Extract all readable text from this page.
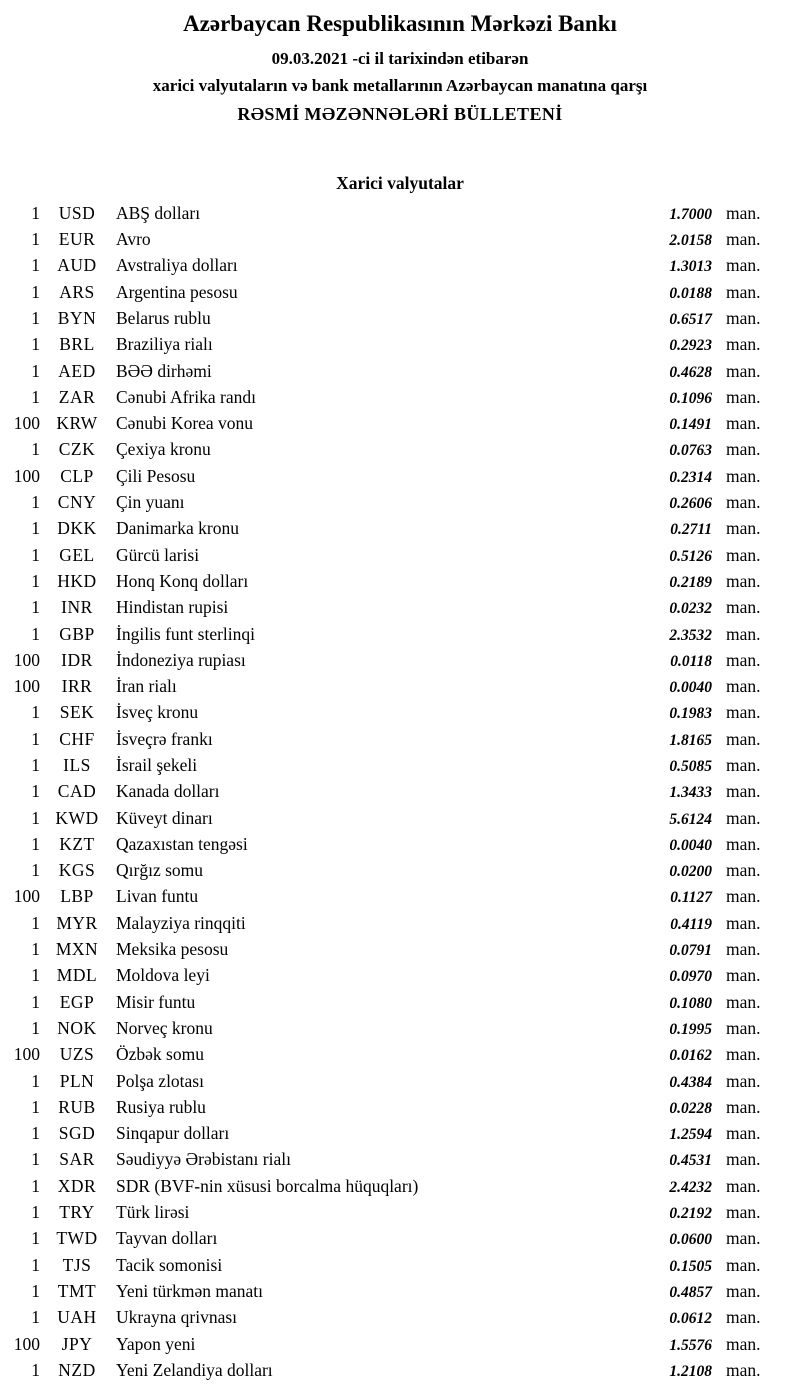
Azərbaycan Respublikasının Mərkəzi Bankı
09.03.2021 -ci il tarixindən etibarən
xarici valyutaların və bank metallarının Azərbaycan manatına qarşı
RƏSMİ MƏZƏNNƏLƏRİ BÜLLETENİ
Xarici valyutalar
1	USD	ABŞ dolları	1.7000 man.
1	EUR	Avro	2.0158 man.
1 AUD	Avstraliya dolları	1.3013 man.
1	ARS	Argentina pesosu	0.0188 man.
1	BYN	Belarus rublu	0.6517 man.
1	BRL	Braziliya rialı	0.2923 man.
1	AED	BƏƏ dirhəmi	0.4628 man.
1	ZAR	Cənubi Afrika randı	0.1096 man.
100 KRW	Cənubi Korea vonu	0.1491 man.
1	CZK	Çexiya kronu	0.0763 man.
100	CLP	Çili Pesosu	0.2314 man.
1	CNY	Çin yuanı	0.2606 man.
1 DKK	Danimarka kronu	0.2711 man.
1	GEL	Gürcü larisi	0.5126 man.
1 HKD	Honq Konq dolları	0.2189 man.
1	INR	Hindistan rupisi	0.0232 man.
1	GBP	İngilis funt sterlinqi	2.3532 man.
100	IDR	İndoneziya rupiası	0.0118 man.
100	IRR	İran rialı	0.0040 man.
1	SEK	İsveç kronu	0.1983 man.
1	CHF	İsveçrə frankı	1.8165 man.
1	ILS	İsrail şekeli	0.5085 man.
1	CAD	Kanada dolları	1.3433 man.
1 KWD Küveyt dinarı	5.6124 man.
1	KZT	Qazaxıstan tengəsi	0.0040 man.
1	KGS	Qırğız somu	0.0200 man.
100	LBP	Livan funtu	0.1127 man.
1 MYR	Malayziya rinqqiti	0.4119 man.
1 MXN	Meksika pesosu	0.0791 man.
1 MDL	Moldova leyi	0.0970 man.
1	EGP	Misir funtu	0.1080 man.
1 NOK	Norveç kronu	0.1995 man.
100	UZS	Özbək somu	0.0162 man.
1	PLN	Polşa zlotası	0.4384 man.
1	RUB	Rusiya rublu	0.0228 man.
1	SGD	Sinqapur dolları	1.2594 man.
1	SAR	Səudiyyə Ərəbistanı rialı	0.4531 man.
1	XDR	SDR (BVF-nin xüsusi borcalma hüquqları)	2.4232 man.
1	TRY	Türk lirəsi	0.2192 man.
1 TWD	Tayvan dolları	0.0600 man.
1	TJS	Tacik somonisi	0.1505 man.
1	TMT	Yeni türkmən manatı	0.4857 man.
1 UAH	Ukrayna qrivnası	0.0612 man.
100	JPY	Yapon yeni	1.5576 man.
1	NZD	Yeni Zelandiya dolları	1.2108 man.
